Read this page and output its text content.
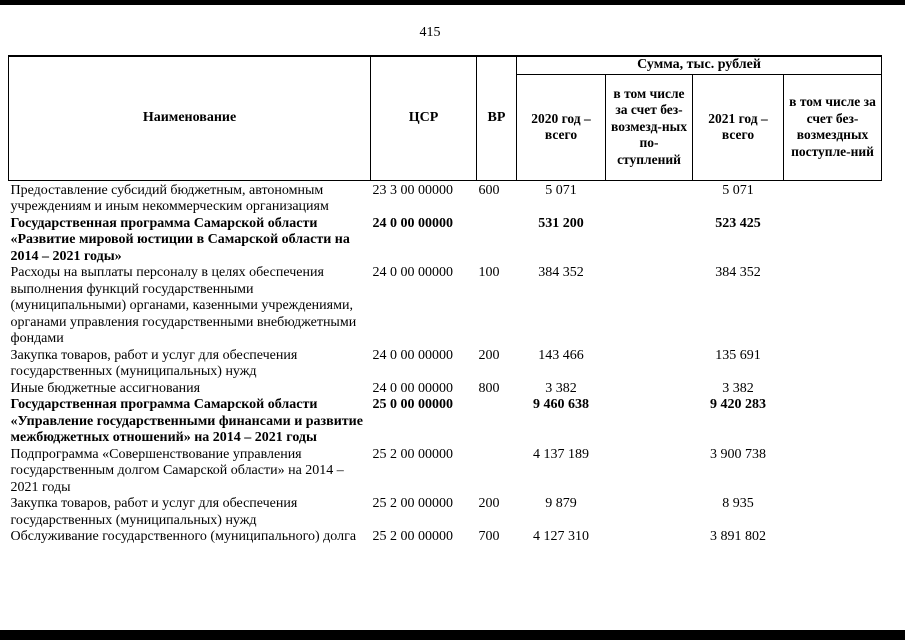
415
Наименование	ЦСР	ВР	Сумма, тыс. рублей			
			2020 год – всего	в том числе за счет без-возмезд-ных по-ступлений	2021 год – всего	в том числе за счет без-возмездных поступле-ний
Предоставление субсидий бюджетным, автономным учреждениям и иным некоммерческим организациям	23 3 00 00000	600	5 071		5 071	
Государственная программа Самарской области «Развитие мировой юстиции в Самарской области на 2014 – 2021 годы»	24 0 00 00000		531 200		523 425	
Расходы на выплаты персоналу в целях обеспечения выполнения функций государственными (муниципальными) органами, казенными учреждениями, органами управления государственными внебюджетными фондами	24 0 00 00000	100	384 352		384 352	
Закупка товаров, работ и услуг для обеспечения государственных (муниципальных) нужд	24 0 00 00000	200	143 466		135 691	
Иные бюджетные ассигнования	24 0 00 00000	800	3 382		3 382	
Государственная программа Самарской области «Управление государственными финансами и развитие межбюджетных отношений» на 2014 – 2021 годы	25 0 00 00000		9 460 638		9 420 283	
Подпрограмма «Совершенствование управления государственным долгом Самарской области» на 2014 – 2021 годы	25 2 00 00000		4 137 189		3 900 738	
Закупка товаров, работ и услуг для обеспечения государственных (муниципальных) нужд	25 2 00 00000	200	9 879		8 935	
Обслуживание государственного (муниципального) долга	25 2 00 00000	700	4 127 310		3 891 802	
